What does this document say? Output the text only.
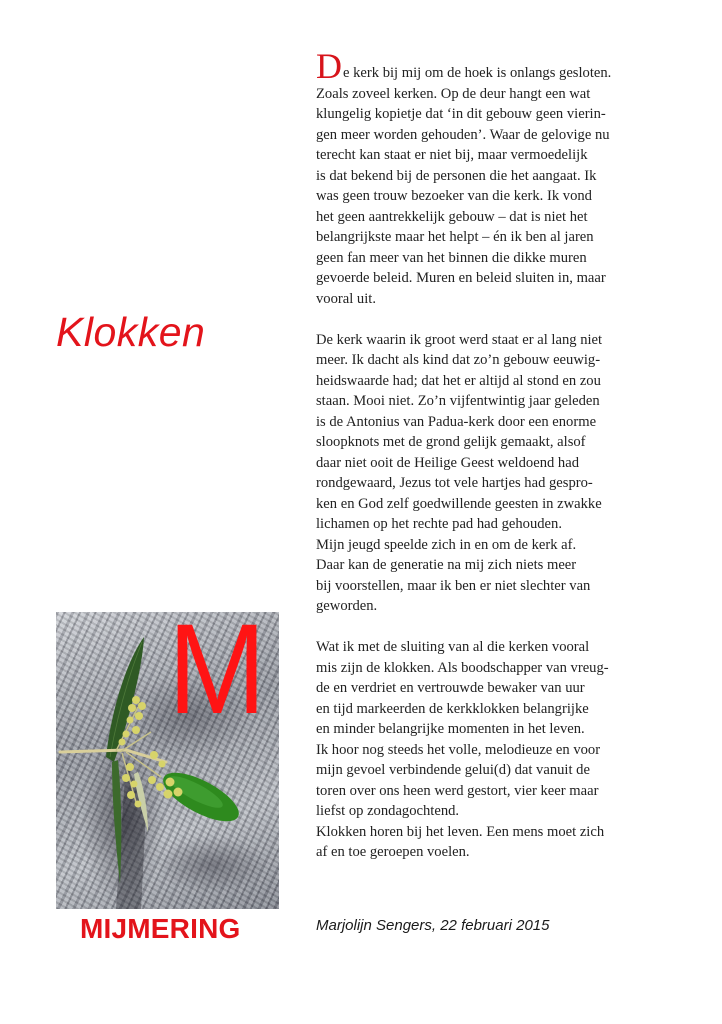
Klokken
M
MIJMERING

De kerk bij mij om de hoek is onlangs gesloten.
Zoals zoveel kerken. Op de deur hangt een wat
klungelig kopietje dat ‘in dit gebouw geen vierin-
gen meer worden gehouden’. Waar de gelovige nu
terecht kan staat er niet bij, maar vermoedelijk
is dat bekend bij de personen die het aangaat. Ik
was geen trouw bezoeker van die kerk. Ik vond
het geen aantrekkelijk gebouw – dat is niet het
belangrijkste maar het helpt – én ik ben al jaren
geen fan meer van het binnen die dikke muren
gevoerde beleid. Muren en beleid sluiten in, maar
vooral uit.

De kerk waarin ik groot werd staat er al lang niet
meer. Ik dacht als kind dat zo’n gebouw eeuwig-
heidswaarde had; dat het er altijd al stond en zou
staan. Mooi niet. Zo’n vijfentwintig jaar geleden
is de Antonius van Padua-kerk door een enorme
sloopknots met de grond gelijk gemaakt, alsof
daar niet ooit de Heilige Geest weldoend had
rondgewaard, Jezus tot vele hartjes had gespro-
ken en God zelf goedwillende geesten in zwakke
lichamen op het rechte pad had gehouden.
Mijn jeugd speelde zich in en om de kerk af.
Daar kan de generatie na mij zich niets meer
bij voorstellen, maar ik ben er niet slechter van
geworden.

Wat ik met de sluiting van al die kerken vooral
mis zijn de klokken. Als boodschapper van vreug-
de en verdriet en vertrouwde bewaker van uur
en tijd markeerden de kerkklokken belangrijke
en minder belangrijke momenten in het leven.
Ik hoor nog steeds het volle, melodieuze en voor
mijn gevoel verbindende gelui(d) dat vanuit de
toren over ons heen werd gestort, vier keer maar
liefst op zondagochtend.
Klokken horen bij het leven. Een mens moet zich
af en toe geroepen voelen.

Marjolijn Sengers, 22 februari 2015
